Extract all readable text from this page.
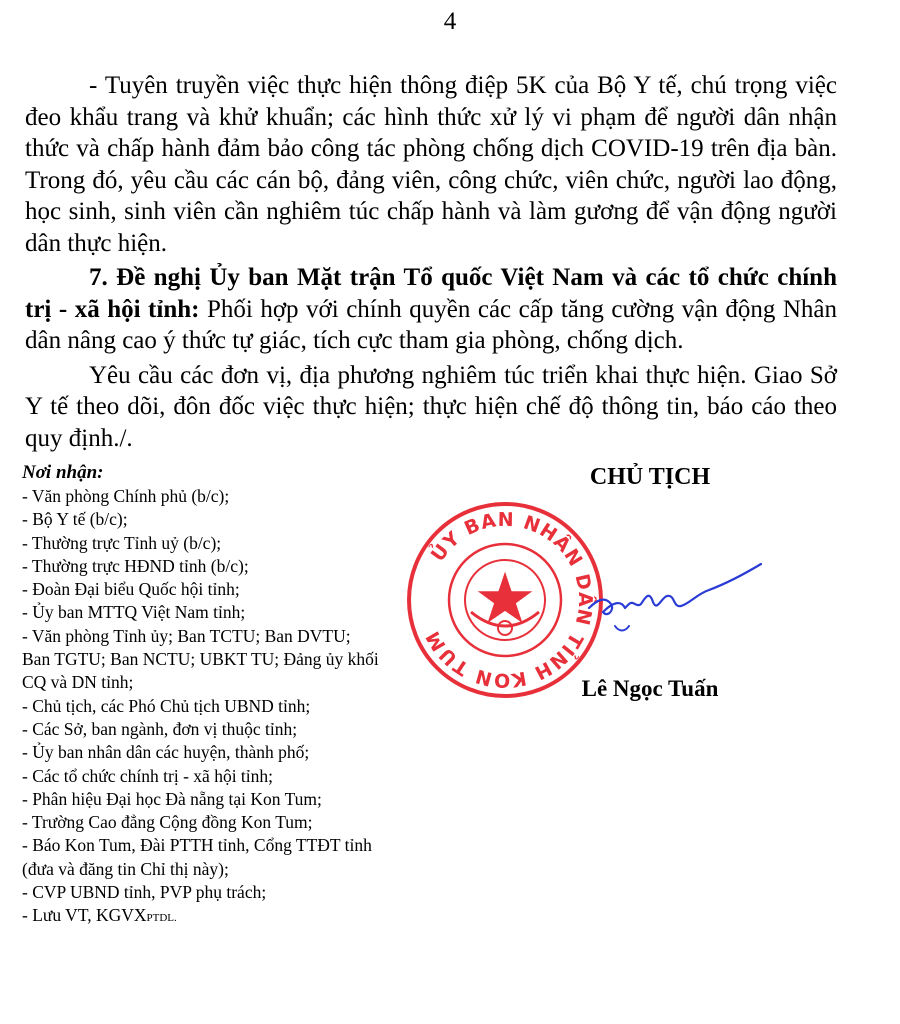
4

- Tuyên truyền việc thực hiện thông điệp 5K của Bộ Y tế, chú trọng việc đeo khẩu trang và khử khuẩn; các hình thức xử lý vi phạm để người dân nhận thức và chấp hành đảm bảo công tác phòng chống dịch COVID-19 trên địa bàn. Trong đó, yêu cầu các cán bộ, đảng viên, công chức, viên chức, người lao động, học sinh, sinh viên cần nghiêm túc chấp hành và làm gương để vận động người dân thực hiện.

7. Đề nghị Ủy ban Mặt trận Tổ quốc Việt Nam và các tổ chức chính trị - xã hội tỉnh: Phối hợp với chính quyền các cấp tăng cường vận động Nhân dân nâng cao ý thức tự giác, tích cực tham gia phòng, chống dịch.

Yêu cầu các đơn vị, địa phương nghiêm túc triển khai thực hiện. Giao Sở Y tế theo dõi, đôn đốc việc thực hiện; thực hiện chế độ thông tin, báo cáo theo quy định./.

Nơi nhận:
- Văn phòng Chính phủ (b/c);
- Bộ Y tế (b/c);
- Thường trực Tỉnh uỷ (b/c);
- Thường trực HĐND tỉnh (b/c);
- Đoàn Đại biểu Quốc hội tỉnh;
- Ủy ban MTTQ Việt Nam tỉnh;
- Văn phòng Tỉnh ủy; Ban TCTU; Ban DVTU;
Ban TGTU; Ban NCTU; UBKT TU; Đảng ủy khối
CQ và DN tỉnh;
- Chủ tịch, các Phó Chủ tịch UBND tỉnh;
- Các Sở, ban ngành, đơn vị thuộc tỉnh;
- Ủy ban nhân dân các huyện, thành phố;
- Các tổ chức chính trị - xã hội tỉnh;
- Phân hiệu Đại học Đà nẵng tại Kon Tum;
- Trường Cao đẳng Cộng đồng Kon Tum;
- Báo Kon Tum, Đài PTTH tỉnh, Cổng TTĐT tỉnh
(đưa và đăng tin Chỉ thị này);
- CVP UBND tỉnh, PVP phụ trách;
- Lưu VT, KGVXPTDL.
ỦY BAN NHÂN DÂN TỈNH KON TUM
CHỦ TỊCH
Lê Ngọc Tuấn
